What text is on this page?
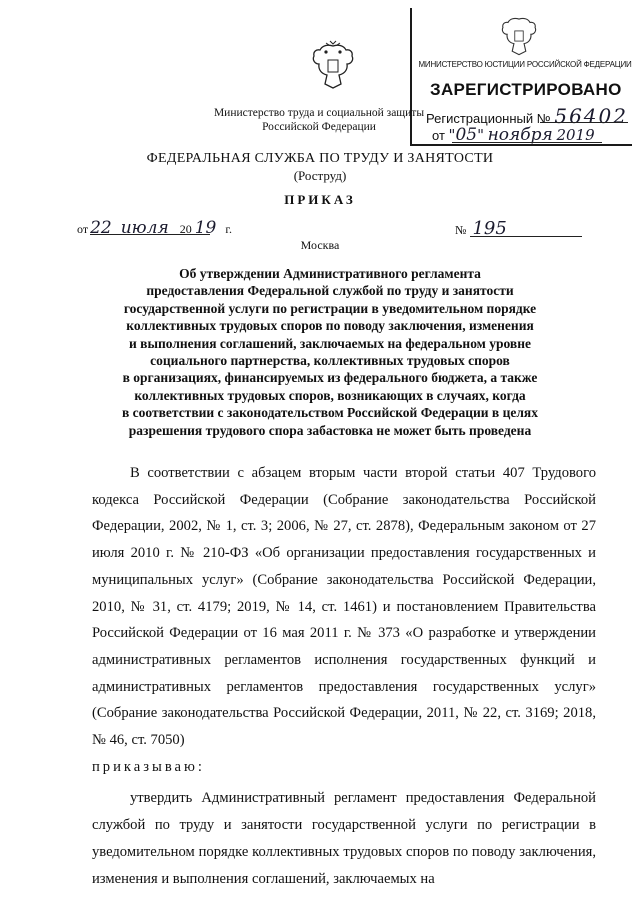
МИНИСТЕРСТВО ЮСТИЦИИ РОССИЙСКОЙ ФЕДЕРАЦИИ
ЗАРЕГИСТРИРОВАНО
Регистрационный № 56402
от "05" ноября 2019
Министерство труда и социальной защиты
Российской Федерации
ФЕДЕРАЛЬНАЯ СЛУЖБА ПО ТРУДУ И ЗАНЯТОСТИ
(Роструд)
ПРИКАЗ
от 22 июля 20 19 г.	№ 195
Москва
Об утверждении Административного регламента
предоставления Федеральной службой по труду и занятости
государственной услуги по регистрации в уведомительном порядке
коллективных трудовых споров по поводу заключения, изменения
и выполнения соглашений, заключаемых на федеральном уровне
социального партнерства, коллективных трудовых споров
в организациях, финансируемых из федерального бюджета, а также
коллективных трудовых споров, возникающих в случаях, когда
в соответствии с законодательством Российской Федерации в целях
разрешения трудового спора забастовка не может быть проведена

В соответствии с абзацем вторым части второй статьи 407 Трудового кодекса Российской Федерации (Собрание законодательства Российской Федерации, 2002, № 1, ст. 3; 2006, № 27, ст. 2878), Федеральным законом от 27 июля 2010 г. № 210-ФЗ «Об организации предоставления государственных и муниципальных услуг» (Собрание законодательства Российской Федерации, 2010, № 31, ст. 4179; 2019, № 14, ст. 1461) и постановлением Правительства Российской Федерации от 16 мая 2011 г. № 373 «О разработке и утверждении административных регламентов исполнения государственных функций и административных регламентов предоставления государственных услуг» (Собрание законодательства Российской Федерации, 2011, № 22, ст. 3169; 2018, № 46, ст. 7050)

приказываю:

утвердить Административный регламент предоставления Федеральной службой по труду и занятости государственной услуги по регистрации в уведомительном порядке коллективных трудовых споров по поводу заключения, изменения и выполнения соглашений, заключаемых на
